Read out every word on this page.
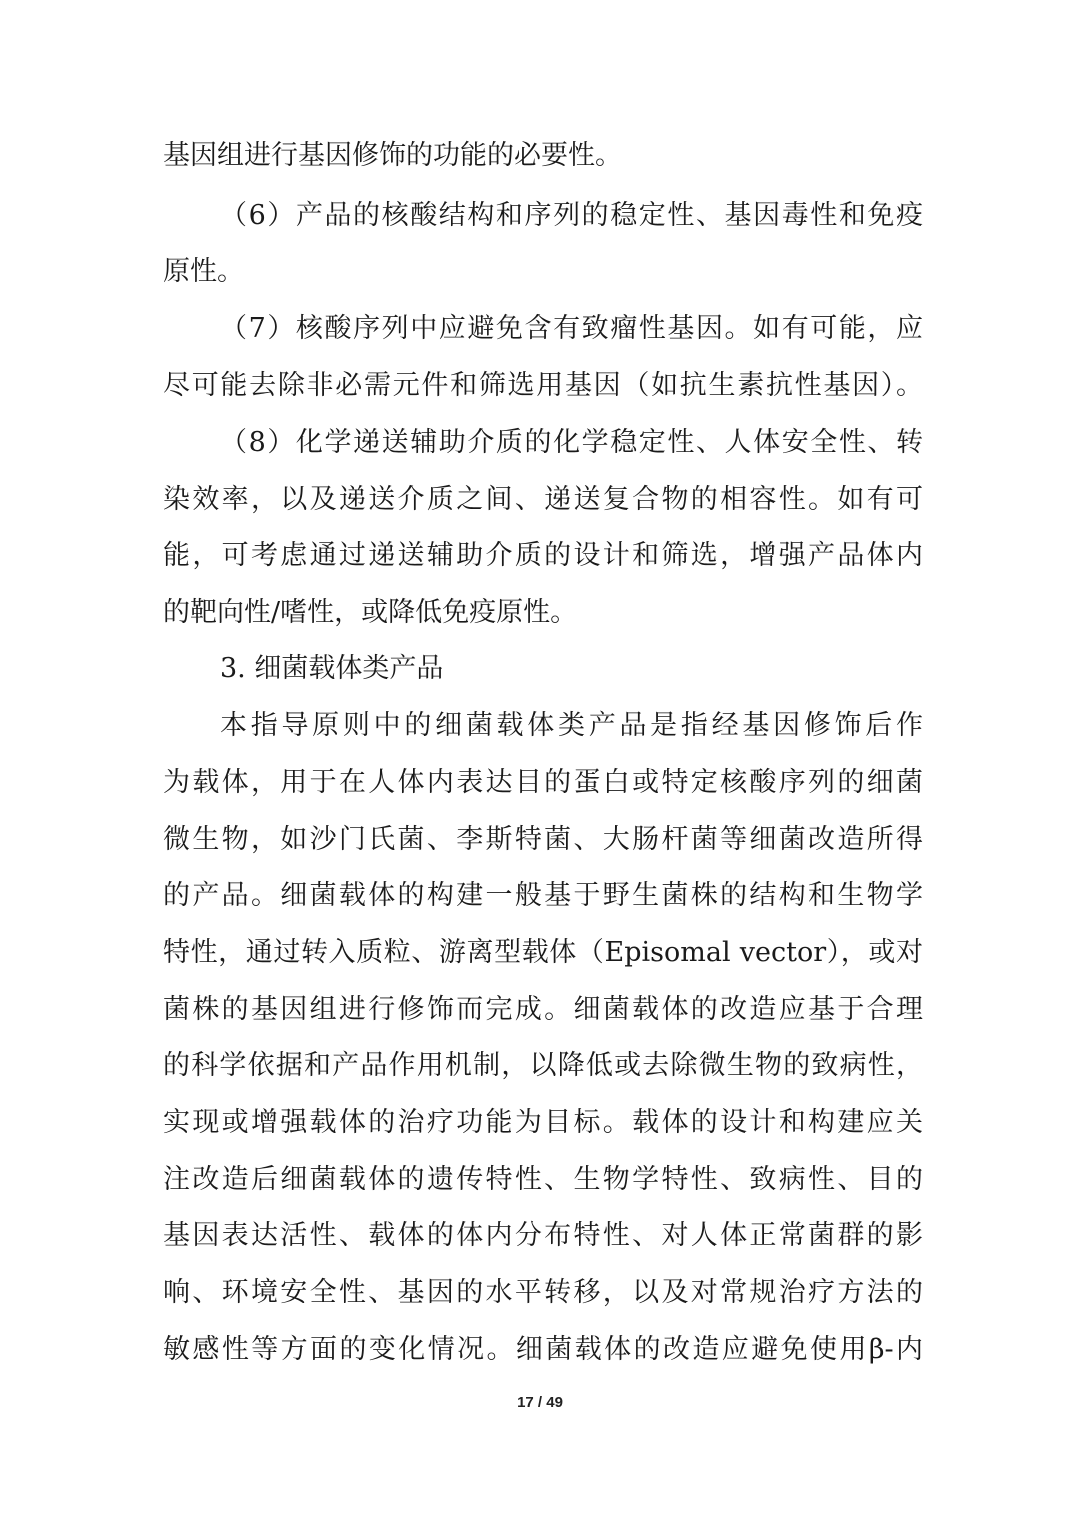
基因组进行基因修饰的功能的必要性。
（6）产品的核酸结构和序列的稳定性、基因毒性和免疫
原性。
（7）核酸序列中应避免含有致瘤性基因。如有可能，应
尽可能去除非必需元件和筛选用基因（如抗生素抗性基因）。
（8）化学递送辅助介质的化学稳定性、人体安全性、转
染效率，以及递送介质之间、递送复合物的相容性。如有可
能，可考虑通过递送辅助介质的设计和筛选，增强产品体内
的靶向性/嗜性，或降低免疫原性。
3. 细菌载体类产品
本指导原则中的细菌载体类产品是指经基因修饰后作
为载体，用于在人体内表达目的蛋白或特定核酸序列的细菌
微生物，如沙门氏菌、李斯特菌、大肠杆菌等细菌改造所得
的产品。细菌载体的构建一般基于野生菌株的结构和生物学
特性，通过转入质粒、游离型载体（Episomal vector），或对
菌株的基因组进行修饰而完成。细菌载体的改造应基于合理
的科学依据和产品作用机制，以降低或去除微生物的致病性，
实现或增强载体的治疗功能为目标。载体的设计和构建应关
注改造后细菌载体的遗传特性、生物学特性、致病性、目的
基因表达活性、载体的体内分布特性、对人体正常菌群的影
响、环境安全性、基因的水平转移，以及对常规治疗方法的
敏感性等方面的变化情况。细菌载体的改造应避免使用β-内
17 / 49
